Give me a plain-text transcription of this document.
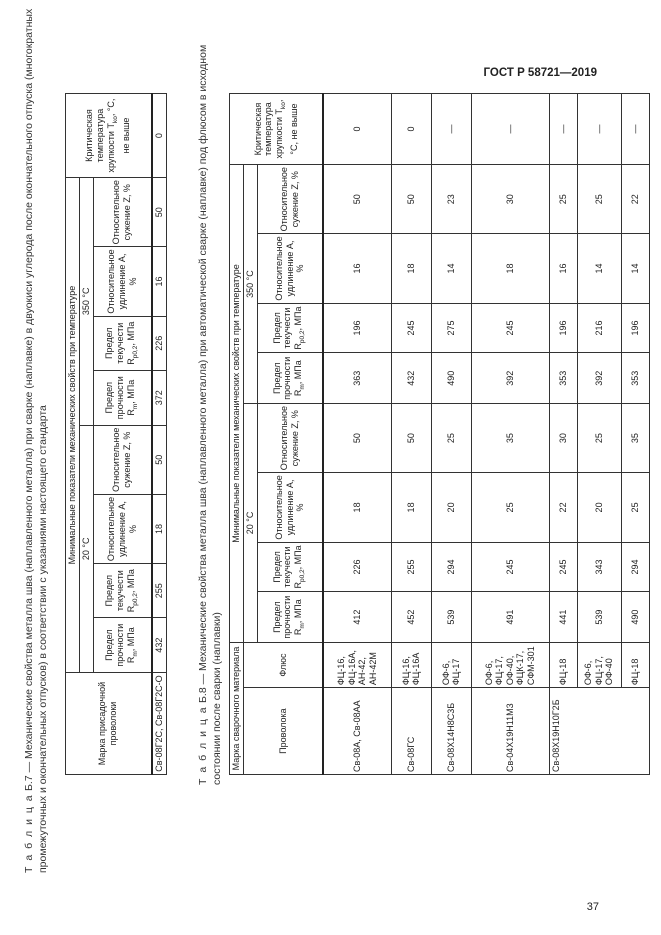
ГОСТ Р 58721—2019
Т а б л и ц а Б.7 — Механические свойства металла шва (наплавленного металла) при сварке (наплавке) в двуокиси углерода после окончательного отпуска (многократных промежуточных и окончательных отпусков) в соответствии с указаниями настоящего стандарта	Марка присадочной проволоки	Минимальные показатели механических свойств при температуре								Критическая температура хрупкости $T_{ko}$, °C, не выше
	20 °C				350 °C				
	Предел прочности $R_m$, МПа	Предел текучести $R_{p0,2}$, МПа	Относительное удлинение A, %	Относительное сужение Z, %	Предел прочности $R_m$, МПа	Предел текучести $R_{p0,2}$, МПа	Относительное удлинение A, %	Относительное сужение Z, %	
Св-08Г2С, Св-08Г2С-О	432	255	18	50	372	226	16	50	0
Т а б л и ц а Б.8 — Механические свойства металла шва (наплавленного металла) при автоматической сварке (наплавке) под флюсом в исходном состоянии после сварки (наплавки) Марка сварочного материала		Минимальные показатели механических свойств при температуре								Критическая температура хрупкости $T_{ko}$, °C, не выше
Проволока	Флюс	20 °C				350 °C				
		Предел прочности $R_m$, МПа	Предел текучести $R_{p0,2}$, МПа	Относительное удлинение A, %	Относительное сужение Z, %	Предел прочности $R_m$, МПа	Предел текучести $R_{p0,2}$, МПа	Относительное удлинение A, %	Относительное сужение Z, %	
Св-08А, Св-08АА	ФЦ-16, ФЦ-16А, АН-42, АН-42М	412	226	18	50	363	196	16	50	0
Св-08ГС	ФЦ-16, ФЦ-16А	452	255	18	50	432	245	18	50	0
Св-08Х14Н8С3Б	ОФ-6, ФЦ-17	539	294	20	25	490	275	14	23	—
Св-04Х19Н11М3	ОФ-6, ФЦ-17, ОФ-40, ФЦК-17, СФМ-301	491	245	25	35	392	245	18	30	—
Св-08Х19Н10Г2Б	ФЦ-18	441	245	22	30	353	196	16	25	—
	ОФ-6, ФЦ-17, ОФ-40	539	343	20	25	392	216	14	25	—
	ФЦ-18	490	294	25	35	353	196	14	22	—
37
